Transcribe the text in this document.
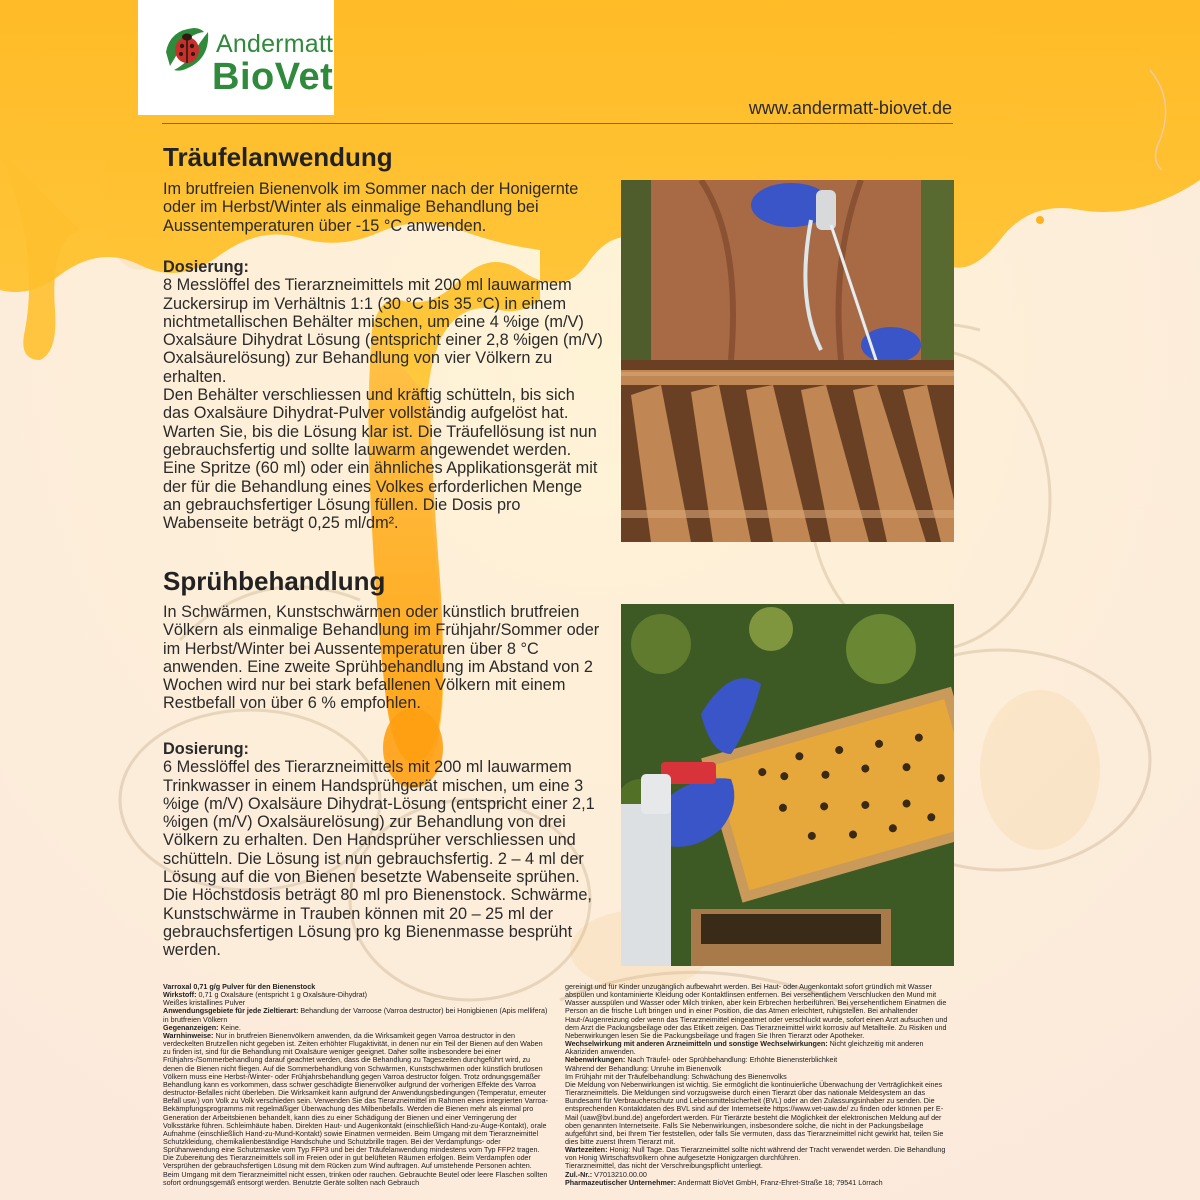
Andermatt
BioVet
www.andermatt-biovet.de
Träufelanwendung
Im brutfreien Bienenvolk im Sommer nach der Honigernte oder im Herbst/Winter als einmalige Behandlung bei Aussentemperaturen über -15 °C anwenden.

Dosierung:

8 Messlöffel des Tierarzneimittels mit 200 ml lauwarmem Zuckersirup im Verhältnis 1:1 (30 °C bis 35 °C) in einem nichtmetallischen Behälter mischen, um eine 4 %ige (m/V) Oxalsäure Dihydrat Lösung (entspricht einer 2,8 %igen (m/V) Oxalsäurelösung) zur Behandlung von vier Völkern zu erhalten.

Den Behälter verschliessen und kräftig schütteln, bis sich das Oxalsäure Dihydrat-Pulver vollständig aufgelöst hat. Warten Sie, bis die Lösung klar ist. Die Träufellösung ist nun gebrauchsfertig und sollte lauwarm angewendet werden. Eine Spritze (60 ml) oder ein ähnliches Applikationsgerät mit der für die Behandlung eines Volkes erforderlichen Menge an gebrauchsfertiger Lösung füllen. Die Dosis pro Wabenseite beträgt 0,25 ml/dm².

Sprühbehandlung
In Schwärmen, Kunstschwärmen oder künstlich brutfreien Völkern als einmalige Behandlung im Frühjahr/Sommer oder im Herbst/Winter bei Aussentemperaturen über 8 °C anwenden. Eine zweite Sprühbehandlung im Abstand von 2 Wochen wird nur bei stark befallenen Völkern mit einem Restbefall von über 6 % empfohlen.

Dosierung:

6 Messlöffel des Tierarzneimittels mit 200 ml lauwarmem Trinkwasser in einem Handsprühgerät mischen, um eine 3 %ige (m/V) Oxalsäure Dihydrat-Lösung (entspricht einer 2,1 %igen (m/V) Oxalsäurelösung) zur Behandlung von drei Völkern zu erhalten. Den Handsprüher verschliessen und schütteln. Die Lösung ist nun gebrauchsfertig. 2 – 4 ml der Lösung auf die von Bienen besetzte Wabenseite sprühen. Die Höchstdosis beträgt 80 ml pro Bienenstock. Schwärme, Kunstschwärme in Trauben können mit 20 – 25 ml der gebrauchsfertigen Lösung pro kg Bienenmasse besprüht werden.

Varroxal 0,71 g/g Pulver für den Bienenstock

Wirkstoff: 0,71 g Oxalsäure (entspricht 1 g Oxalsäure-Dihydrat)

Weißes kristallines Pulver

Anwendungsgebiete für jede Zieltierart: Behandlung der Varroose (Varroa destructor) bei Honigbienen (Apis mellifera) in brutfreien Völkern

Gegenanzeigen: Keine.

Warnhinweise: Nur in brutfreien Bienenvölkern anwenden, da die Wirksamkeit gegen Varroa destructor in den verdeckelten Brutzellen nicht gegeben ist. Zeiten erhöhter Flugaktivität, in denen nur ein Teil der Bienen auf den Waben zu finden ist, sind für die Behandlung mit Oxalsäure weniger geeignet. Daher sollte insbesondere bei einer Frühjahrs-/Sommerbehandlung darauf geachtet werden, dass die Behandlung zu Tageszeiten durchgeführt wird, zu denen die Bienen nicht fliegen. Auf die Sommerbehandlung von Schwärmen, Kunstschwärmen oder künstlich brutlosen Völkern muss eine Herbst-/Winter- oder Frühjahrsbehandlung gegen Varroa destructor folgen. Trotz ordnungsgemäßer Behandlung kann es vorkommen, dass schwer geschädigte Bienenvölker aufgrund der vorherigen Effekte des Varroa destructor-Befalles nicht überleben. Die Wirksamkeit kann aufgrund der Anwendungsbedingungen (Temperatur, erneuter Befall usw.) von Volk zu Volk verschieden sein. Verwenden Sie das Tierarzneimittel im Rahmen eines integrierten Varroa-Bekämpfungsprogramms mit regelmäßiger Überwachung des Milbenbefalls. Werden die Bienen mehr als einmal pro Generation der Arbeitsbienen behandelt, kann dies zu einer Schädigung der Bienen und einer Verringerung der Volksstärke führen. Schleimhäute haben. Direkten Haut- und Augenkontakt (einschließlich Hand-zu-Auge-Kontakt), orale Aufnahme (einschließlich Hand-zu-Mund-Kontakt) sowie Einatmen vermeiden. Beim Umgang mit dem Tierarzneimittel Schutzkleidung, chemikalienbeständige Handschuhe und Schutzbrille tragen. Bei der Verdampfungs- oder Sprühanwendung eine Schutzmaske vom Typ FFP3 und bei der Träufelanwendung mindestens vom Typ FFP2 tragen. Die Zubereitung des Tierarzneimittels soll im Freien oder in gut belüfteten Räumen erfolgen. Beim Verdampfen oder Versprühen der gebrauchsfertigen Lösung mit dem Rücken zum Wind auftragen. Auf umstehende Personen achten. Beim Umgang mit dem Tierarzneimittel nicht essen, trinken oder rauchen. Gebrauchte Beutel oder leere Flaschen sollten sofort ordnungsgemäß entsorgt werden. Benutzte Geräte sollten nach Gebrauch

gereinigt und für Kinder unzugänglich aufbewahrt werden. Bei Haut- oder Augenkontakt sofort gründlich mit Wasser abspülen und kontaminierte Kleidung oder Kontaktlinsen entfernen. Bei versehentlichem Verschlucken den Mund mit Wasser ausspülen und Wasser oder Milch trinken, aber kein Erbrechen herbeiführen. Bei versehentlichem Einatmen die Person an die frische Luft bringen und in einer Position, die das Atmen erleichtert, ruhigstellen. Bei anhaltender Haut-/Augenreizung oder wenn das Tierarzneimittel eingeatmet oder verschluckt wurde, sofort einen Arzt aufsuchen und dem Arzt die Packungsbeilage oder das Etikett zeigen. Das Tierarzneimittel wirkt korrosiv auf Metallteile. Zu Risiken und Nebenwirkungen lesen Sie die Packungsbeilage und fragen Sie Ihren Tierarzt oder Apotheker.

Wechselwirkung mit anderen Arzneimitteln und sonstige Wechselwirkungen: Nicht gleichzeitig mit anderen Akariziden anwenden.

Nebenwirkungen: Nach Träufel- oder Sprühbehandlung: Erhöhte Bienensterblichkeit

Während der Behandlung: Unruhe im Bienenvolk

Im Frühjahr mit der Träufelbehandlung: Schwächung des Bienenvolks

Die Meldung von Nebenwirkungen ist wichtig. Sie ermöglicht die kontinuierliche Überwachung der Verträglichkeit eines Tierarzneimittels. Die Meldungen sind vorzugsweise durch einen Tierarzt über das nationale Meldesystem an das Bundesamt für Verbraucherschutz und Lebensmittelsicherheit (BVL) oder an den Zulassungsinhaber zu senden. Die entsprechenden Kontaktdaten des BVL sind auf der Internetseite https://www.vet-uaw.de/ zu finden oder können per E-Mail (uaw@bvl.bund.de) angefordert werden. Für Tierärzte besteht die Möglichkeit der elektronischen Meldung auf der oben genannten Internetseite. Falls Sie Nebenwirkungen, insbesondere solche, die nicht in der Packungsbeilage aufgeführt sind, bei Ihrem Tier feststellen, oder falls Sie vermuten, dass das Tierarzneimittel nicht gewirkt hat, teilen Sie dies bitte zuerst Ihrem Tierarzt mit.

Wartezeiten: Honig: Null Tage. Das Tierarzneimittel sollte nicht während der Tracht verwendet werden. Die Behandlung von Honig Wirtschaftsvölkern ohne aufgesetzte Honigzargen durchführen.

Tierarzneimittel, das nicht der Verschreibungspflicht unterliegt.

Zul.-Nr.: V7013210.00.00

Pharmazeutischer Unternehmer: Andermatt BioVet GmbH, Franz-Ehret-Straße 18; 79541 Lörrach
